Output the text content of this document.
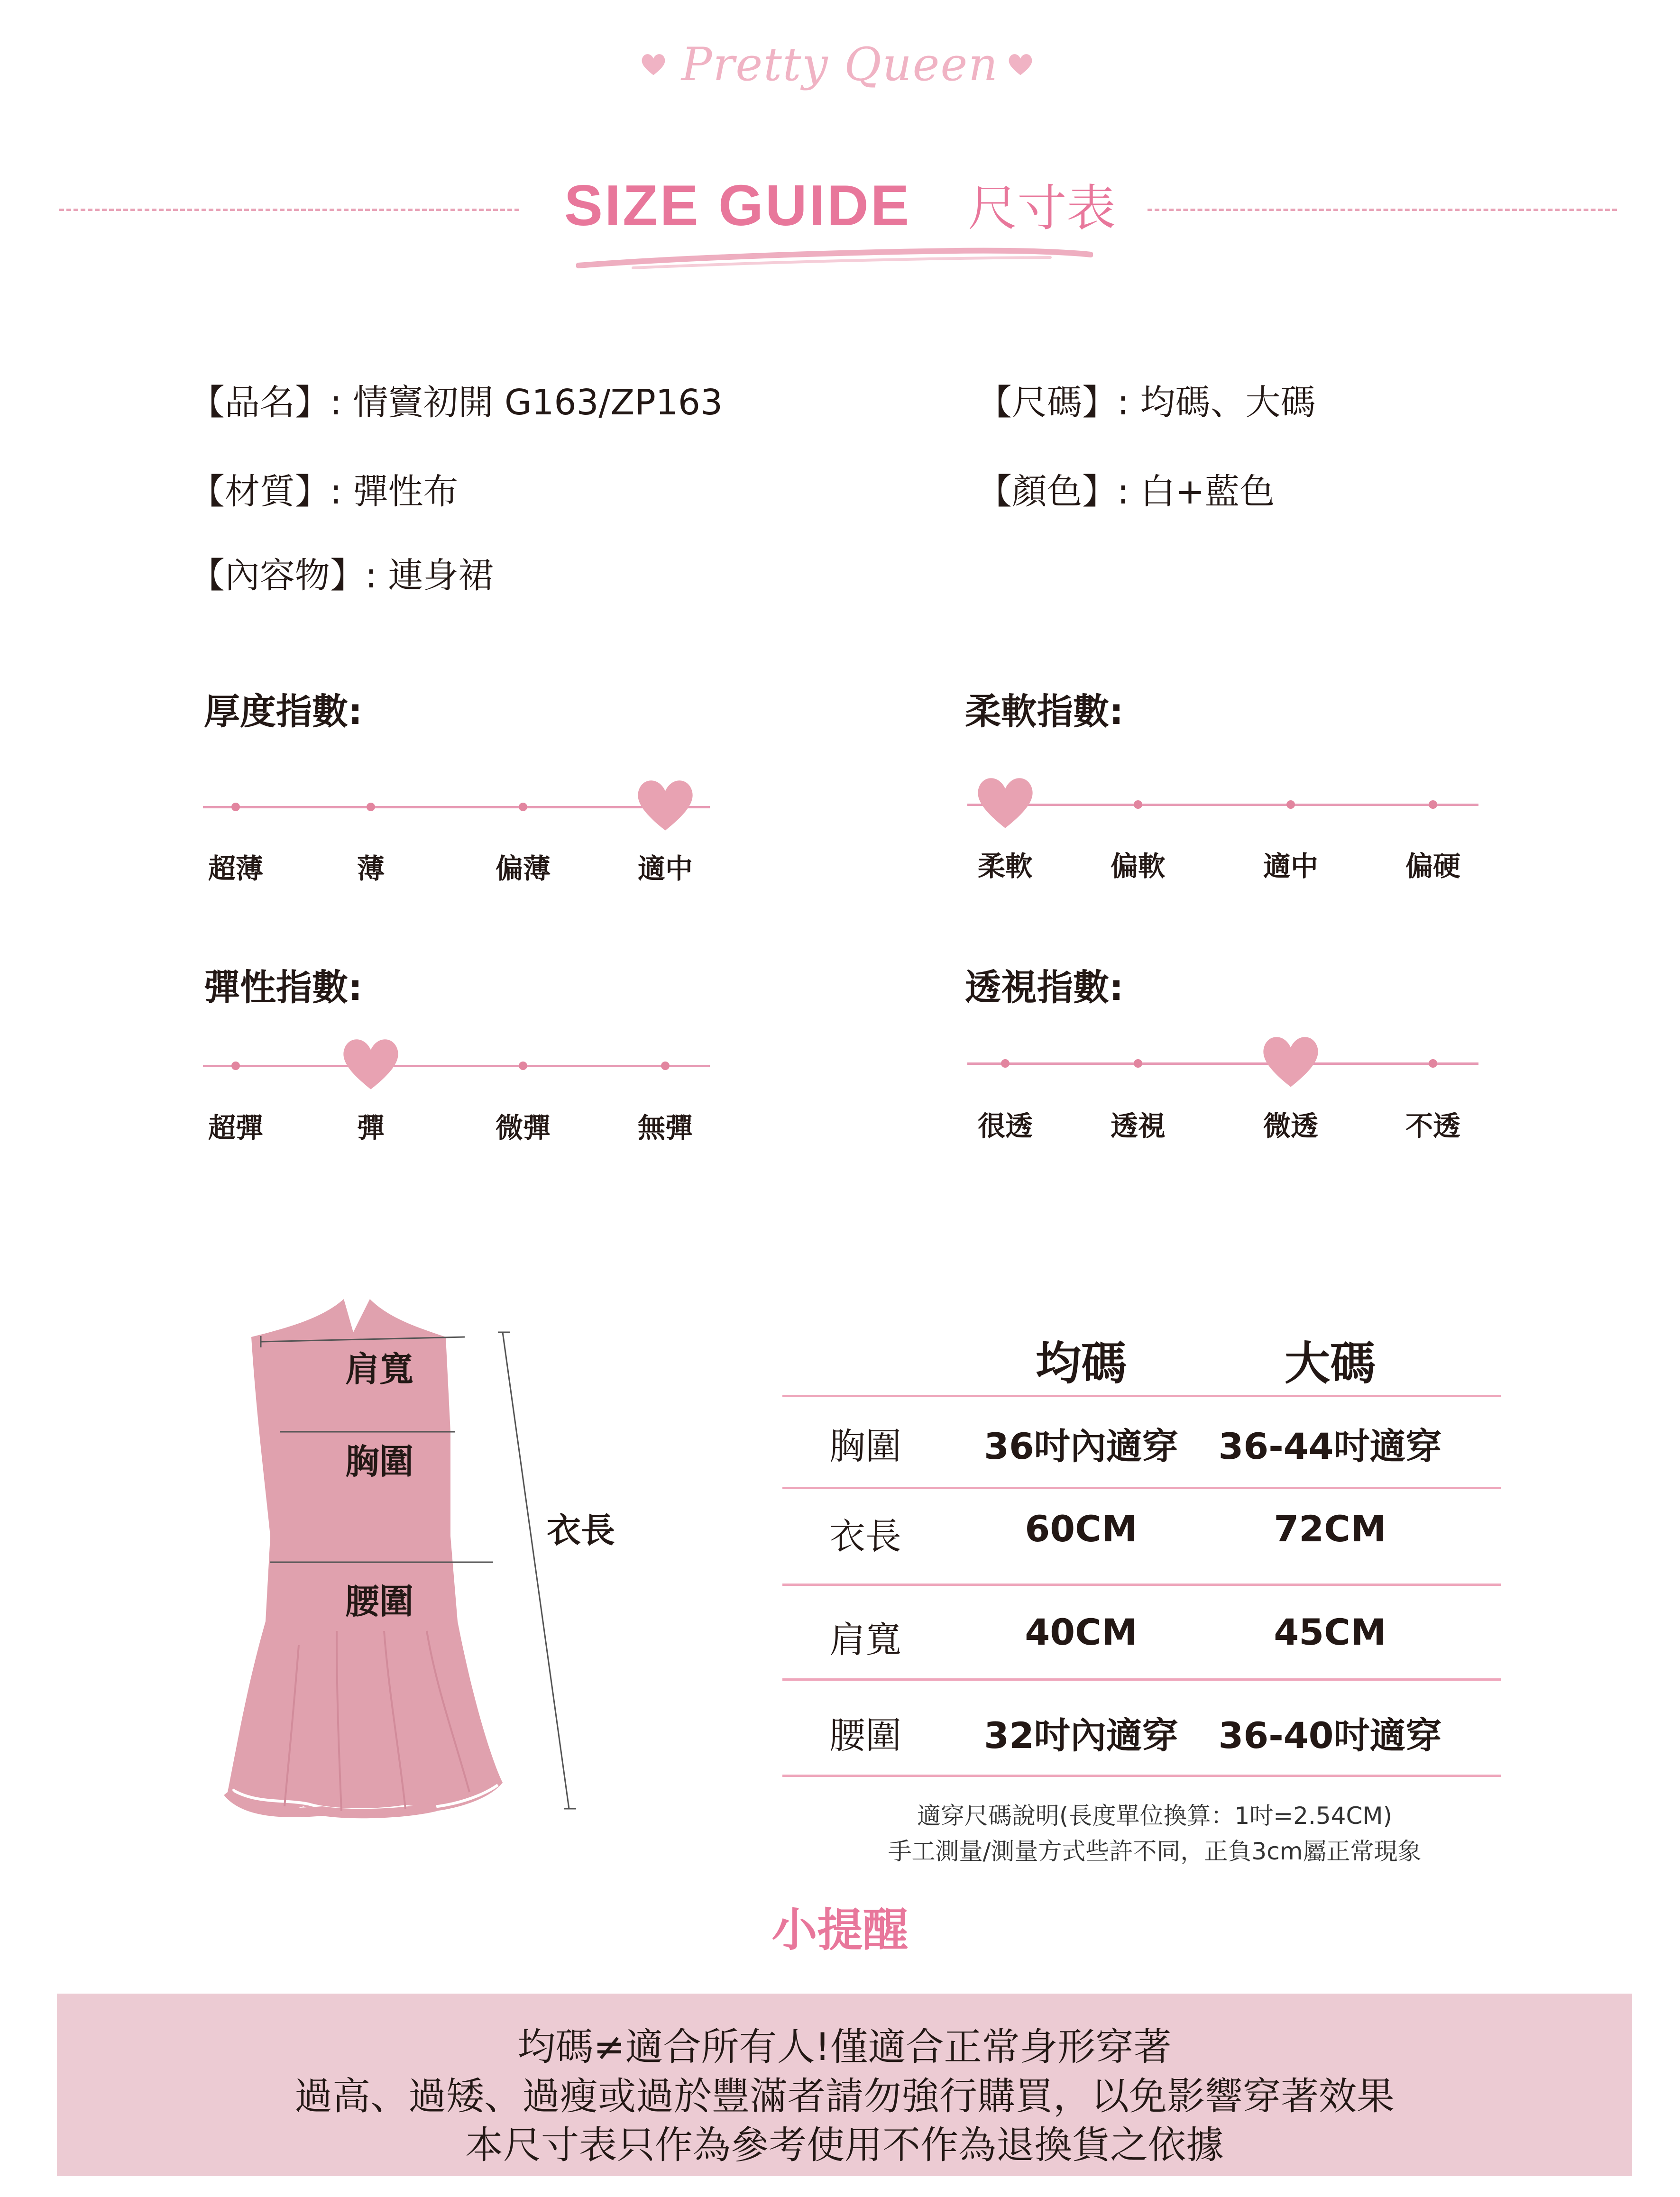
Pretty Queen
SIZE GUIDE 尺寸表
【品名】: 情竇初開 G163/ZP163	【尺碼】: 均碼、大碼
【材質】: 彈性布	【顏色】: 白+藍色
【內容物】: 連身裙
厚度指數:	柔軟指數:
彈性指數:	透視指數:
肩寬
胸圍
腰圍
衣長
均碼	大碼
胸圍	36吋內適穿	36-44吋適穿
衣長	60CM	72CM
肩寬	40CM	45CM
腰圍	32吋內適穿	36-40吋適穿
適穿尺碼說明(長度單位換算：1吋=2.54CM)
手工測量/測量方式些許不同，正負3cm屬正常現象
小提醒
均碼≠適合所有人!僅適合正常身形穿著
過高、過矮、過瘦或過於豐滿者請勿強行購買，以免影響穿著效果
本尺寸表只作為參考使用不作為退換貨之依據
超薄	薄	偏薄	適中	柔軟	偏軟	適中	偏硬
超彈	彈	微彈	無彈	很透	透視	微透	不透
